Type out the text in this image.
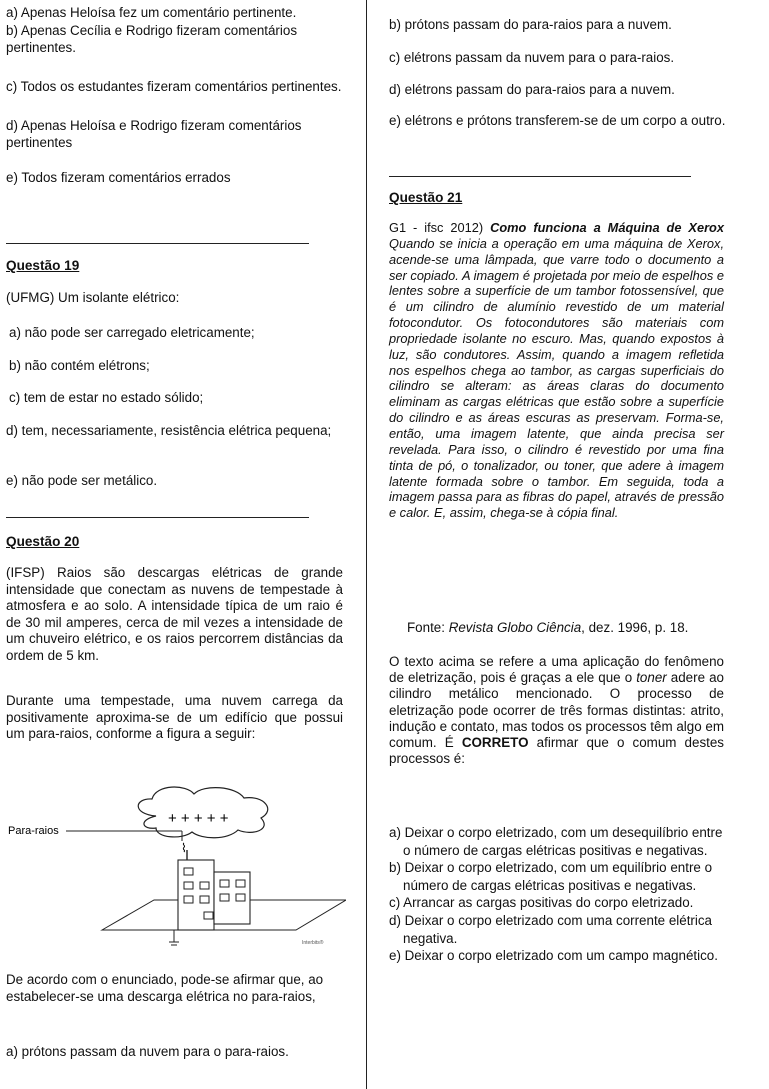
a) Apenas Heloísa fez um comentário pertinente.

b) Apenas Cecília e Rodrigo fizeram comentários pertinentes.

c) Todos os estudantes fizeram comentários pertinentes.

d) Apenas Heloísa e Rodrigo fizeram comentários pertinentes

e) Todos fizeram comentários errados

Questão 19

(UFMG) Um isolante elétrico:

a) não pode ser carregado eletricamente;

b) não contém elétrons;

c) tem de estar no estado sólido;

d) tem, necessariamente, resistência elétrica pequena;

e) não pode ser metálico.

Questão 20

(IFSP) Raios são descargas elétricas de grande intensidade que conectam as nuvens de tempestade à atmosfera e ao solo. A intensidade típica de um raio é de 30 mil amperes, cerca de mil vezes a intensidade de um chuveiro elétrico, e os raios percorrem distâncias da ordem de 5 km.

Durante uma tempestade, uma nuvem carrega da positivamente aproxima-se de um edifício que possui um para-raios, conforme a figura a seguir:

+ + + + +
Para-raios
⌇
Interbits®

De acordo com o enunciado, pode-se afirmar que, ao estabelecer-se uma descarga elétrica no para-raios,

a) prótons passam da nuvem para o para-raios.

b) prótons passam do para-raios para a nuvem.

c) elétrons passam da nuvem para o para-raios.

d) elétrons passam do para-raios para a nuvem.

e) elétrons e prótons transferem-se de um corpo a outro.

Questão 21

G1 - ifsc 2012) Como funciona a Máquina de Xerox Quando se inicia a operação em uma máquina de Xerox, acende-se uma lâmpada, que varre todo o documento a ser copiado. A imagem é projetada por meio de espelhos e lentes sobre a superfície de um tambor fotossensível, que é um cilindro de alumínio revestido de um material fotocondutor. Os fotocondutores são materiais com propriedade isolante no escuro. Mas, quando expostos à luz, são condutores. Assim, quando a imagem refletida nos espelhos chega ao tambor, as cargas superficiais do cilindro se alteram: as áreas claras do documento eliminam as cargas elétricas que estão sobre a superfície do cilindro e as áreas escuras as preservam. Forma-se, então, uma imagem latente, que ainda precisa ser revelada. Para isso, o cilindro é revestido por uma fina tinta de pó, o tonalizador, ou toner, que adere à imagem latente formada sobre o tambor. Em seguida, toda a imagem passa para as fibras do papel, através de pressão e calor. E, assim, chega-se à cópia final.

Fonte: Revista Globo Ciência, dez. 1996, p. 18.

O texto acima se refere a uma aplicação do fenômeno de eletrização, pois é graças a ele que o toner adere ao cilindro metálico mencionado. O processo de eletrização pode ocorrer de três formas distintas: atrito, indução e contato, mas todos os processos têm algo em comum. É CORRETO afirmar que o comum destes processos é:

a) Deixar o corpo eletrizado, com um desequilíbrio entre o número de cargas elétricas positivas e negativas.
b) Deixar o corpo eletrizado, com um equilíbrio entre o número de cargas elétricas positivas e negativas.
c) Arrancar as cargas positivas do corpo eletrizado.
d) Deixar o corpo eletrizado com uma corrente elétrica negativa.
e) Deixar o corpo eletrizado com um campo magnético.
